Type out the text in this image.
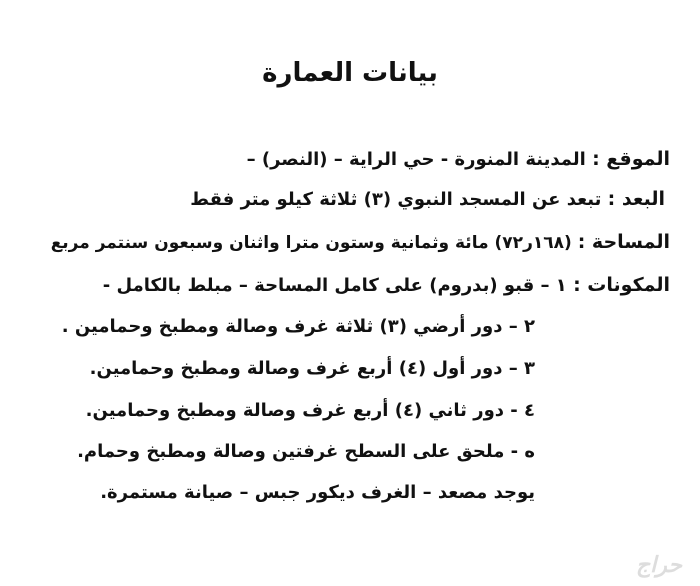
بيانات العمارة
الموقع : المدينة المنورة - حي الراية – (النصر) –
البعد : تبعد عن المسجد النبوي (٣) ثلاثة كيلو متر فقط
المساحة : (١٦٨ر٧٢) مائة وثمانية وستون مترا واثنان وسبعون سنتمر مربع
المكونات : ١ – قبو (بدروم) على كامل المساحة – مبلط بالكامل -
٢ – دور أرضي (٣) ثلاثة غرف وصالة ومطبخ وحمامين .
٣ – دور أول (٤) أربع غرف وصالة ومطبخ وحمامين.
٤ - دور ثاني (٤) أربع غرف وصالة ومطبخ وحمامين.
ه - ملحق على السطح غرفتين وصالة ومطبخ وحمام.
يوجد مصعد – الغرف ديكور جبس – صيانة مستمرة.
حراج
